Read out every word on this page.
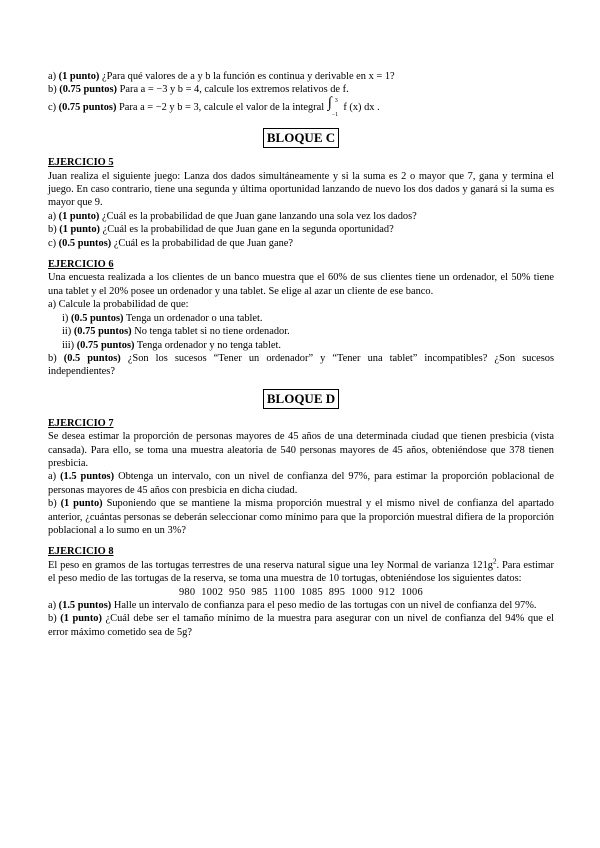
a) (1 punto) ¿Para qué valores de a y b la función es continua y derivable en x = 1?
b) (0.75 puntos) Para a = −3 y b = 4, calcule los extremos relativos de f.
c) (0.75 puntos) Para a = −2 y b = 3, calcule el valor de la integral ∫ 3
−1
f (x) dx .
BLOQUE C
EJERCICIO 5
Juan realiza el siguiente juego: Lanza dos dados simultáneamente y si la suma es 2 o mayor que 7, gana y termina el juego. En caso contrario, tiene una segunda y última oportunidad lanzando de nuevo los dos dados y ganará si la suma es mayor que 9.
a) (1 punto) ¿Cuál es la probabilidad de que Juan gane lanzando una sola vez los dados?
b) (1 punto) ¿Cuál es la probabilidad de que Juan gane en la segunda oportunidad?
c) (0.5 puntos) ¿Cuál es la probabilidad de que Juan gane?
EJERCICIO 6
Una encuesta realizada a los clientes de un banco muestra que el 60% de sus clientes tiene un ordenador, el 50% tiene una tablet y el 20% posee un ordenador y una tablet. Se elige al azar un cliente de ese banco.
a) Calcule la probabilidad de que:
i) (0.5 puntos) Tenga un ordenador o una tablet.
ii) (0.75 puntos) No tenga tablet si no tiene ordenador.
iii) (0.75 puntos) Tenga ordenador y no tenga tablet.
b) (0.5 puntos) ¿Son los sucesos “Tener un ordenador” y “Tener una tablet” incompatibles? ¿Son sucesos independientes?
BLOQUE D
EJERCICIO 7
Se desea estimar la proporción de personas mayores de 45 años de una determinada ciudad que tienen presbicia (vista cansada). Para ello, se toma una muestra aleatoria de 540 personas mayores de 45 años, obteniéndose que 378 tienen presbicia.
a) (1.5 puntos) Obtenga un intervalo, con un nivel de confianza del 97%, para estimar la proporción poblacional de personas mayores de 45 años con presbicia en dicha ciudad.
b) (1 punto) Suponiendo que se mantiene la misma proporción muestral y el mismo nivel de confianza del apartado anterior, ¿cuántas personas se deberán seleccionar como mínimo para que la proporción muestral difiera de la proporción poblacional a lo sumo en un 3%?
EJERCICIO 8
El peso en gramos de las tortugas terrestres de una reserva natural sigue una ley Normal de varianza $121g^2$. Para estimar el peso medio de las tortugas de la reserva, se toma una muestra de 10 tortugas, obteniéndose los siguientes datos:
980  1002  950  985  1100  1085  895  1000  912  1006
a) (1.5 puntos) Halle un intervalo de confianza para el peso medio de las tortugas con un nivel de confianza del 97%.
b) (1 punto) ¿Cuál debe ser el tamaño mínimo de la muestra para asegurar con un nivel de confianza del 94% que el error máximo cometido sea de 5g?
